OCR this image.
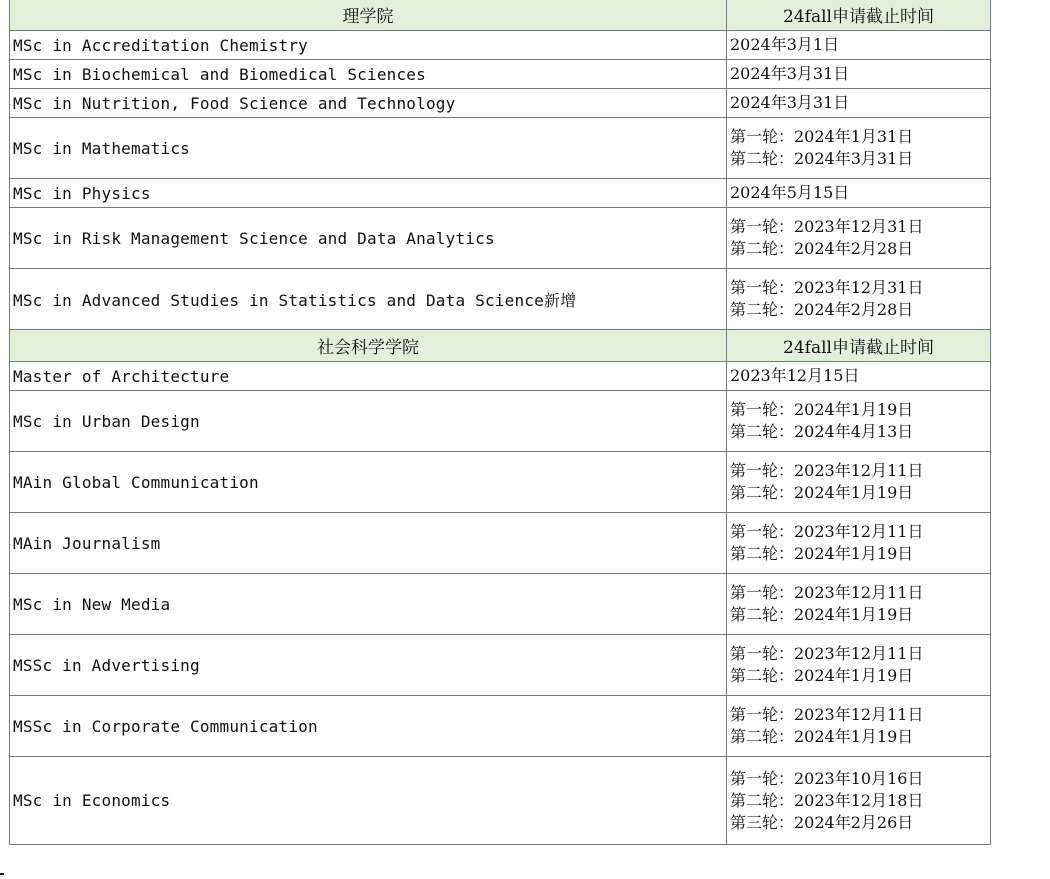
理学院	24fall申请截止时间
MSc in Accreditation Chemistry	2024年3月1日

MSc in Biochemical and Biomedical Sciences	2024年3月31日

MSc in Nutrition, Food Science and Technology	2024年3月31日

MSc in Mathematics	第一轮：2024年1月31日
第二轮：2024年3月31日

MSc in Physics	2024年5月15日

MSc in Risk Management Science and Data Analytics	第一轮：2023年12月31日
第二轮：2024年2月28日

MSc in Advanced Studies in Statistics and Data Science新增	第一轮：2023年12月31日
第二轮：2024年2月28日

社会科学学院	24fall申请截止时间
Master of Architecture	2023年12月15日

MSc in Urban Design	第一轮：2024年1月19日
第二轮：2024年4月13日

MAin Global Communication	第一轮：2023年12月11日
第二轮：2024年1月19日

MAin Journalism	第一轮：2023年12月11日
第二轮：2024年1月19日

MSc in New Media	第一轮：2023年12月11日
第二轮：2024年1月19日

MSSc in Advertising	第一轮：2023年12月11日
第二轮：2024年1月19日

MSSc in Corporate Communication	第一轮：2023年12月11日
第二轮：2024年1月19日

MSc in Economics	第一轮：2023年10月16日
第二轮：2023年12月18日
第三轮：2024年2月26日
